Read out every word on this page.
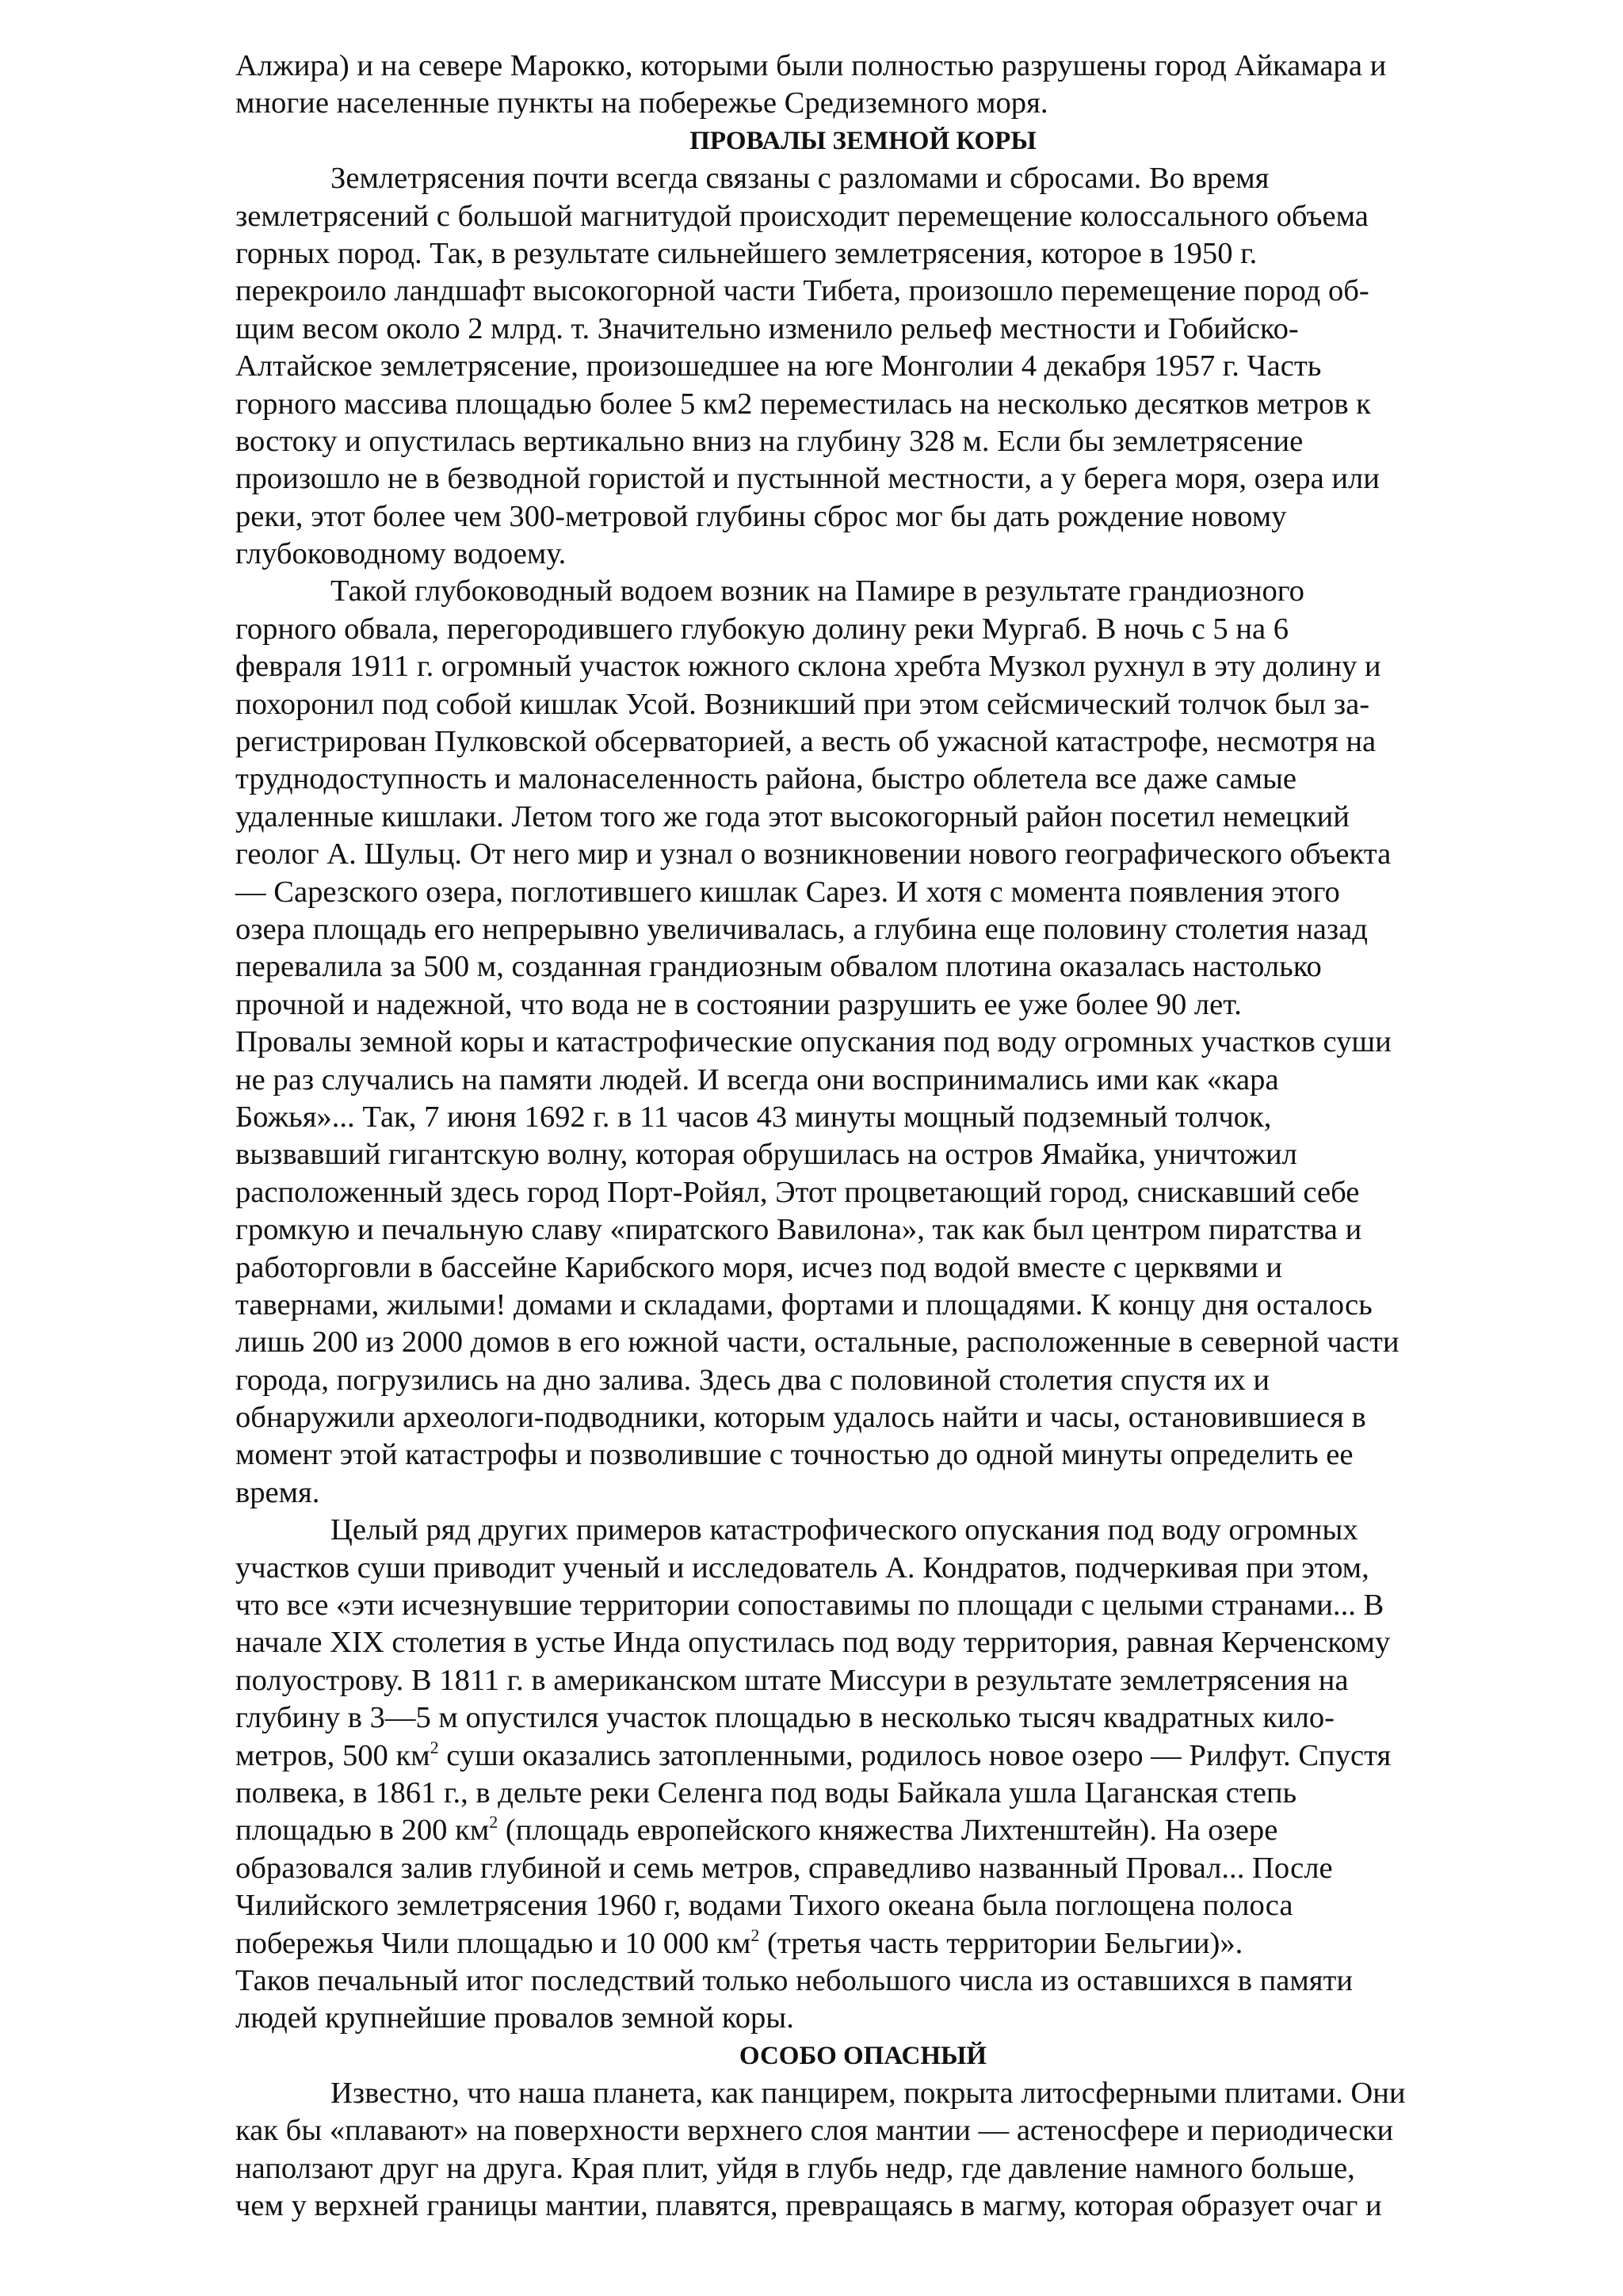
Алжира) и на севере Марокко, которыми были полностью разрушены город Айкамара и
многие населенные пункты на побережье Средиземного моря.
ПРОВАЛЫ ЗЕМНОЙ КОРЫ
Землетрясения почти всегда связаны с разломами и сбросами. Во время
землетрясений с большой магнитудой происходит перемещение колоссального объема
горных пород. Так, в результате сильнейшего землетрясения, которое в 1950 г.
перекроило ландшафт высокогорной части Тибета, произошло перемещение пород об-
щим весом около 2 млрд. т. Значительно изменило рельеф местности и Гобийско-
Алтайское землетрясение, произошедшее на юге Монголии 4 декабря 1957 г. Часть
горного массива площадью более 5 км2 переместилась на несколько десятков метров к
востоку и опустилась вертикально вниз на глубину 328 м. Если бы землетрясение
произошло не в безводной гористой и пустынной местности, а у берега моря, озера или
реки, этот более чем 300-метровой глубины сброс мог бы дать рождение новому
глубоководному водоему.
Такой глубоководный водоем возник на Памире в результате грандиозного
горного обвала, перегородившего глубокую долину реки Мургаб. В ночь с 5 на 6
февраля 1911 г. огромный участок южного склона хребта Музкол рухнул в эту долину и
похоронил под собой кишлак Усой. Возникший при этом сейсмический толчок был за-
регистрирован Пулковской обсерваторией, а весть об ужасной катастрофе, несмотря на
труднодоступность и малонаселенность района, быстро облетела все даже самые
удаленные кишлаки. Летом того же года этот высокогорный район посетил немецкий
геолог А. Шульц. От него мир и узнал о возникновении нового географического объекта
— Сарезского озера, поглотившего кишлак Сарез. И хотя с момента появления этого
озера площадь его непрерывно увеличивалась, а глубина еще половину столетия назад
перевалила за 500 м, созданная грандиозным обвалом плотина оказалась настолько
прочной и надежной, что вода не в состоянии разрушить ее уже более 90 лет.
Провалы земной коры и катастрофические опускания под воду огромных участков суши
не раз случались на памяти людей. И всегда они воспринимались ими как «кара
Божья»... Так, 7 июня 1692 г. в 11 часов 43 минуты мощный подземный толчок,
вызвавший гигантскую волну, которая обрушилась на остров Ямайка, уничтожил
расположенный здесь город Порт-Ройял, Этот процветающий город, снискавший себе
громкую и печальную славу «пиратского Вавилона», так как был центром пиратства и
работорговли в бассейне Карибского моря, исчез под водой вместе с церквями и
тавернами, жилыми! домами и складами, фортами и площадями. К концу дня осталось
лишь 200 из 2000 домов в его южной части, остальные, расположенные в северной части
города, погрузились на дно залива. Здесь два с половиной столетия спустя их и
обнаружили археологи-подводники, которым удалось найти и часы, остановившиеся в
момент этой катастрофы и позволившие с точностью до одной минуты определить ее
время.
Целый ряд других примеров катастрофического опускания под воду огромных
участков суши приводит ученый и исследователь А. Кондратов, подчеркивая при этом,
что все «эти исчезнувшие территории сопоставимы по площади с целыми странами... В
начале XIX столетия в устье Инда опустилась под воду территория, равная Керченскому
полуострову. В 1811 г. в американском штате Миссури в результате землетрясения на
глубину в 3—5 м опустился участок площадью в несколько тысяч квадратных кило-
метров, 500 $км^2$ суши оказались затопленными, родилось новое озеро — Рилфут. Спустя
полвека, в 1861 г., в дельте реки Селенга под воды Байкала ушла Цаганская степь
площадью в 200 $км^2$ (площадь европейского княжества Лихтенштейн). На озере
образовался залив глубиной и семь метров, справедливо названный Провал... После
Чилийского землетрясения 1960 г, водами Тихого океана была поглощена полоса
побережья Чили площадью и 10 000 $км^2$ (третья часть территории Бельгии)».
Таков печальный итог последствий только небольшого числа из оставшихся в памяти
людей крупнейшие провалов земной коры.
ОСОБО ОПАСНЫЙ
Известно, что наша планета, как панцирем, покрыта литосферными плитами. Они
как бы «плавают» на поверхности верхнего слоя мантии — астеносфере и периодически
наползают друг на друга. Края плит, уйдя в глубь недр, где давление намного больше,
чем у верхней границы мантии, плавятся, превращаясь в магму, которая образует очаг и
